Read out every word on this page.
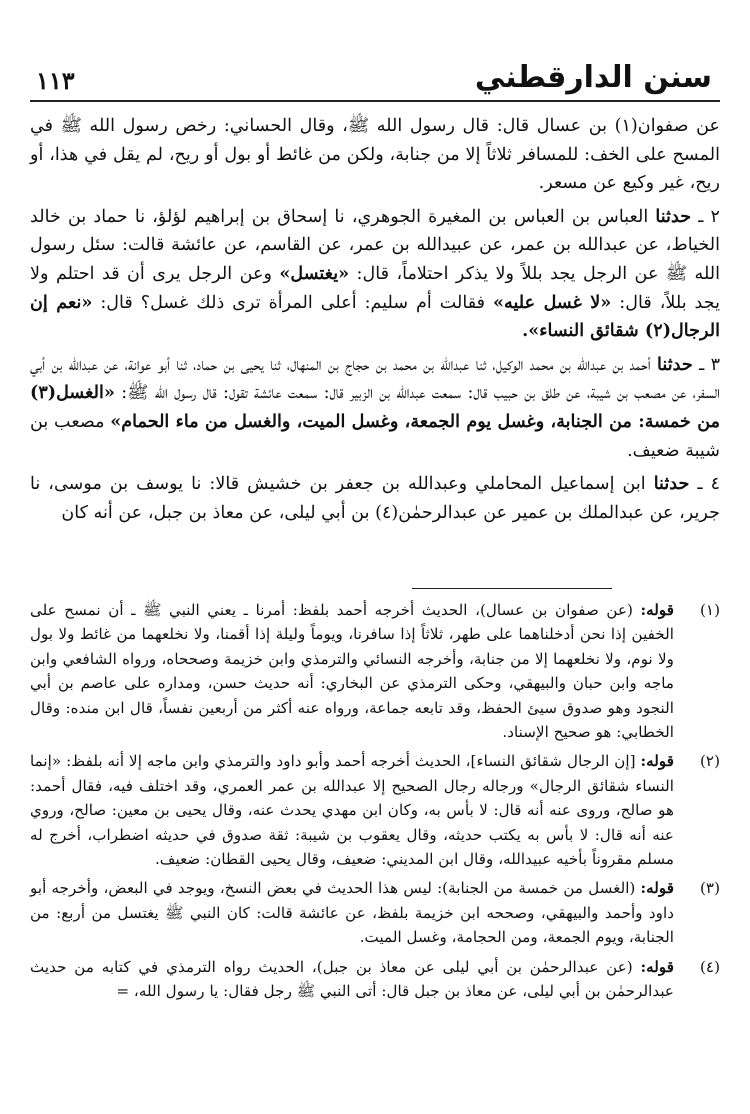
١١٣	سنن الدارقطني

عن صفوان(١) بن عسال قال: قال رسول الله ﷺ، وقال الحساني: رخص رسول الله ﷺ في المسح على الخف: للمسافر ثلاثاً إلا من جنابة، ولكن من غائط أو بول أو ريح، لم يقل في هذا، أو ريح، غير وكيع عن مسعر.

٢ ـ حدثنا العباس بن العباس بن المغيرة الجوهري، نا إسحاق بن إبراهيم لؤلؤ، نا حماد بن خالد الخياط، عن عبدالله بن عمر، عن عبيدالله بن عمر، عن القاسم، عن عائشة قالت: سئل رسول الله ﷺ عن الرجل يجد بللاً ولا يذكر احتلاماً، قال: «يغتسل» وعن الرجل يرى أن قد احتلم ولا يجد بللاً، قال: «لا غسل عليه» فقالت أم سليم: أعلى المرأة ترى ذلك غسل؟ قال: «نعم إن الرجال(٢) شقائق النساء».

٣ ـ حدثنا أحمد بن عبدالله بن محمد الوكيل، ثنا عبدالله بن محمد بن حجاج بن المنهال، ثنا يحيى بن حماد، ثنا أبو عوانة، عن عبدالله بن أبي السفر، عن مصعب بن شيبة، عن طلق بن حبيب قال: سمعت عبدالله بن الزبير قال: سمعت عائشة تقول: قال رسول الله ﷺ: «الغسل(٣) من خمسة: من الجنابة، وغسل يوم الجمعة، وغسل الميت، والغسل من ماء الحمام» مصعب بن شيبة ضعيف.

٤ ـ حدثنا ابن إسماعيل المحاملي وعبدالله بن جعفر بن خشيش قالا: نا يوسف بن موسى، نا جرير، عن عبدالملك بن عمير عن عبدالرحمٰن(٤) بن أبي ليلى، عن معاذ بن جبل، عن أنه كان

(١)
قوله: (عن صفوان بن عسال)، الحديث أخرجه أحمد بلفظ: أمرنا ـ يعني النبي ﷺ ـ أن نمسح على الخفين إذا نحن أدخلناهما على طهر، ثلاثاً إذا سافرنا، ويوماً وليلة إذا أقمنا، ولا نخلعهما من غائط ولا بول ولا نوم، ولا نخلعهما إلا من جنابة، وأخرجه النسائي والترمذي وابن خزيمة وصححاه، ورواه الشافعي وابن ماجه وابن حبان والبيهقي، وحكى الترمذي عن البخاري: أنه حديث حسن، ومداره على عاصم بن أبي النجود وهو صدوق سيئ الحفظ، وقد تابعه جماعة، ورواه عنه أكثر من أربعين نفساً، قال ابن منده: وقال الخطابي: هو صحيح الإسناد.
(٢)
قوله: [إن الرجال شقائق النساء]، الحديث أخرجه أحمد وأبو داود والترمذي وابن ماجه إلا أنه بلفظ: «إنما النساء شقائق الرجال» ورجاله رجال الصحيح إلا عبدالله بن عمر العمري، وقد اختلف فيه، فقال أحمد: هو صالح، وروى عنه أنه قال: لا بأس به، وكان ابن مهدي يحدث عنه، وقال يحيى بن معين: صالح، وروي عنه أنه قال: لا بأس به يكتب حديثه، وقال يعقوب بن شيبة: ثقة صدوق في حديثه اضطراب، أخرج له مسلم مقروناً بأخيه عبيدالله، وقال ابن المديني: ضعيف، وقال يحيى القطان: ضعيف.
(٣)
قوله: (الغسل من خمسة من الجنابة): ليس هذا الحديث في بعض النسخ، ويوجد في البعض، وأخرجه أبو داود وأحمد والبيهقي، وصححه ابن خزيمة بلفظ، عن عائشة قالت: كان النبي ﷺ يغتسل من أربع: من الجنابة، ويوم الجمعة، ومن الحجامة، وغسل الميت.
(٤)
قوله: (عن عبدالرحمٰن بن أبي ليلى عن معاذ بن جبل)، الحديث رواه الترمذي في كتابه من حديث عبدالرحمٰن بن أبي ليلى، عن معاذ بن جبل قال: أتى النبي ﷺ رجل فقال: يا رسول الله، =
